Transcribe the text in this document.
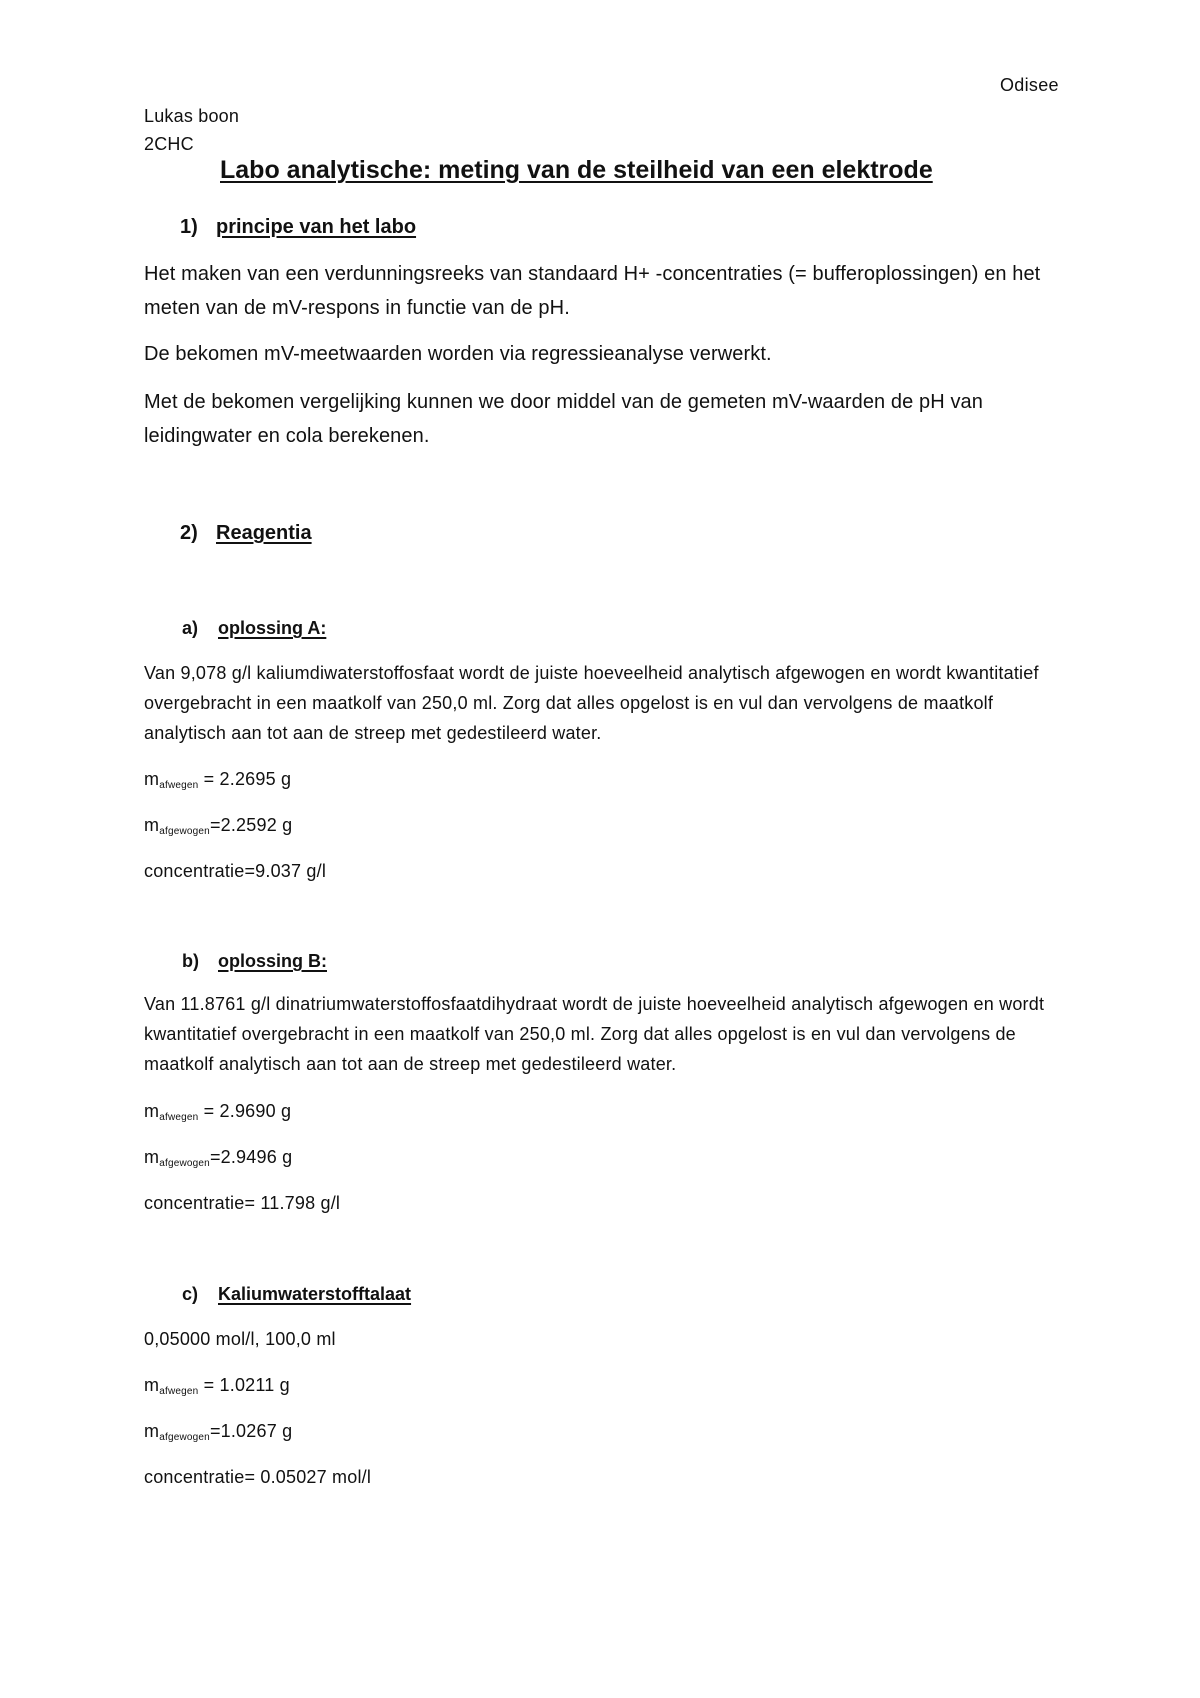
Odisee
Lukas boon
2CHC
Labo analytische: meting van de steilheid van een elektrode
1) principe van het labo
Het maken van een verdunningsreeks van standaard H+ -concentraties (= bufferoplossingen) en het meten van de mV-respons in functie van de pH.
De bekomen mV-meetwaarden worden via regressieanalyse verwerkt.
Met de bekomen vergelijking kunnen we door middel van de gemeten mV-waarden de pH van leidingwater en cola berekenen.
2) Reagentia
a) oplossing A:
Van 9,078 g/l kaliumdiwaterstoffosfaat wordt de juiste hoeveelheid analytisch afgewogen en wordt kwantitatief overgebracht in een maatkolf van 250,0 ml. Zorg dat alles opgelost is en vul dan vervolgens de maatkolf analytisch aan tot aan de streep met gedestileerd water.
$m_{afwegen} = 2.2695$ g
$m_{afgewogen}=2.2592$ g
concentratie=9.037 g/l
b) oplossing B:
Van 11.8761 g/l dinatriumwaterstoffosfaatdihydraat wordt de juiste hoeveelheid analytisch afgewogen en wordt kwantitatief overgebracht in een maatkolf van 250,0 ml. Zorg dat alles opgelost is en vul dan vervolgens de maatkolf analytisch aan tot aan de streep met gedestileerd water.
$m_{afwegen} = 2.9690$ g
$m_{afgewogen}=2.9496$ g
concentratie= 11.798 g/l
c) Kaliumwaterstofftalaat
0,05000 mol/l, 100,0 ml
$m_{afwegen} = 1.0211$ g
$m_{afgewogen}=1.0267$ g
concentratie= 0.05027 mol/l
